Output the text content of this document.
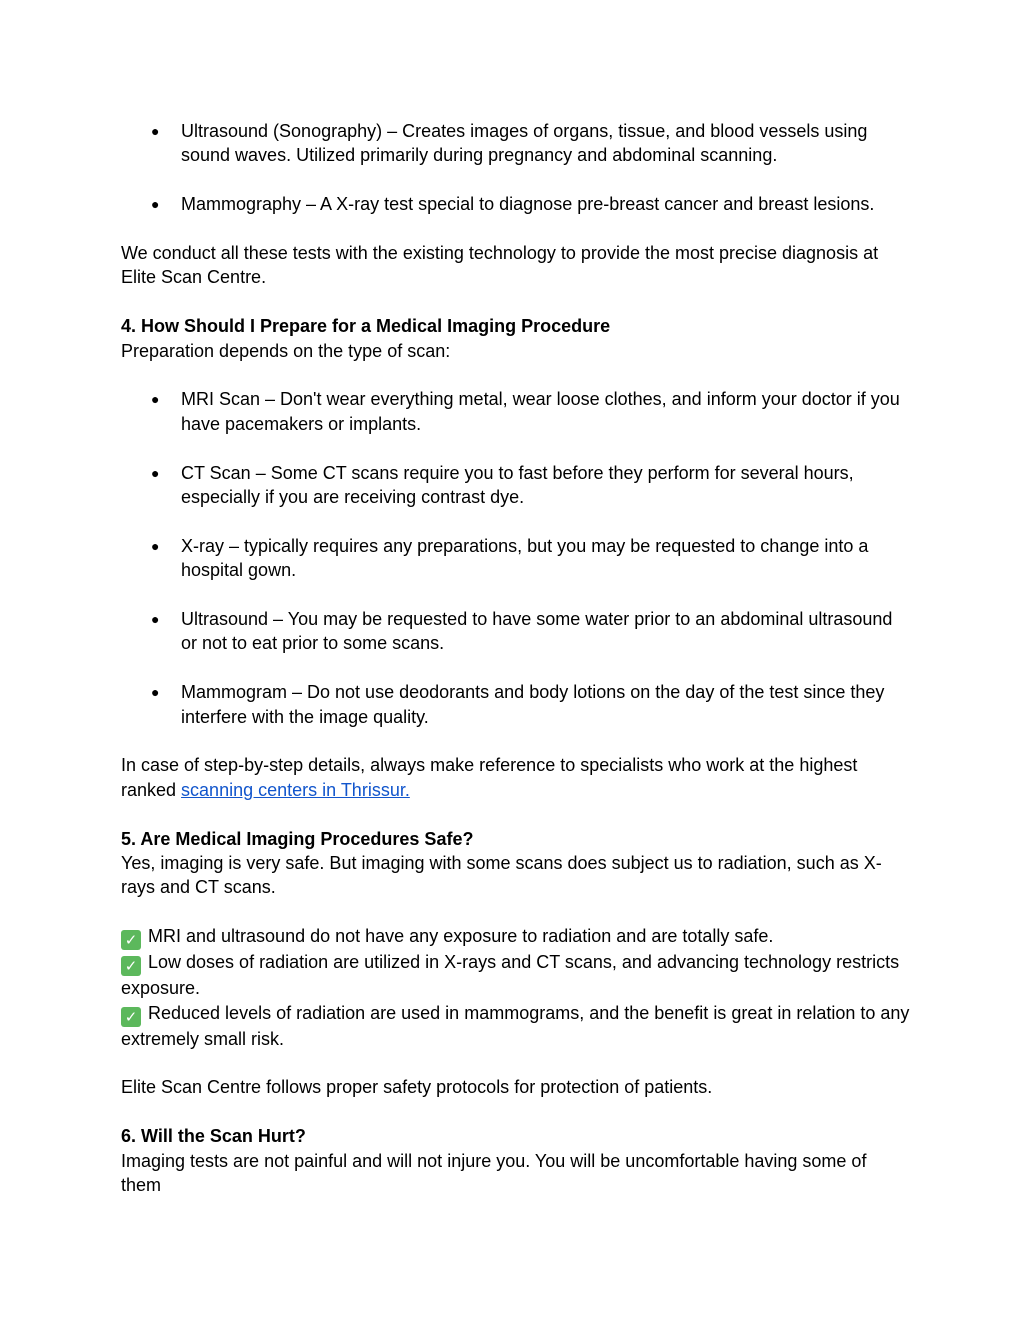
● Ultrasound (Sonography) – Creates images of organs, tissue, and blood vessels using sound waves. Utilized primarily during pregnancy and abdominal scanning.
● Mammography – A X-ray test special to diagnose pre-breast cancer and breast lesions.

We conduct all these tests with the existing technology to provide the most precise diagnosis at Elite Scan Centre.

4. How Should I Prepare for a Medical Imaging Procedure

Preparation depends on the type of scan:

● MRI Scan – Don't wear everything metal, wear loose clothes, and inform your doctor if you have pacemakers or implants.
● CT Scan – Some CT scans require you to fast before they perform for several hours, especially if you are receiving contrast dye.
● X-ray – typically requires any preparations, but you may be requested to change into a hospital gown.
● Ultrasound – You may be requested to have some water prior to an abdominal ultrasound or not to eat prior to some scans.
● Mammogram – Do not use deodorants and body lotions on the day of the test since they interfere with the image quality.

In case of step-by-step details, always make reference to specialists who work at the highest ranked scanning centers in Thrissur.

5. Are Medical Imaging Procedures Safe?

Yes, imaging is very safe. But imaging with some scans does subject us to radiation, such as X-rays and CT scans.

✓ MRI and ultrasound do not have any exposure to radiation and are totally safe.

✓ Low doses of radiation are utilized in X-rays and CT scans, and advancing technology restricts exposure.

✓ Reduced levels of radiation are used in mammograms, and the benefit is great in relation to any extremely small risk.

Elite Scan Centre follows proper safety protocols for protection of patients.

6. Will the Scan Hurt?

Imaging tests are not painful and will not injure you. You will be uncomfortable having some of them
